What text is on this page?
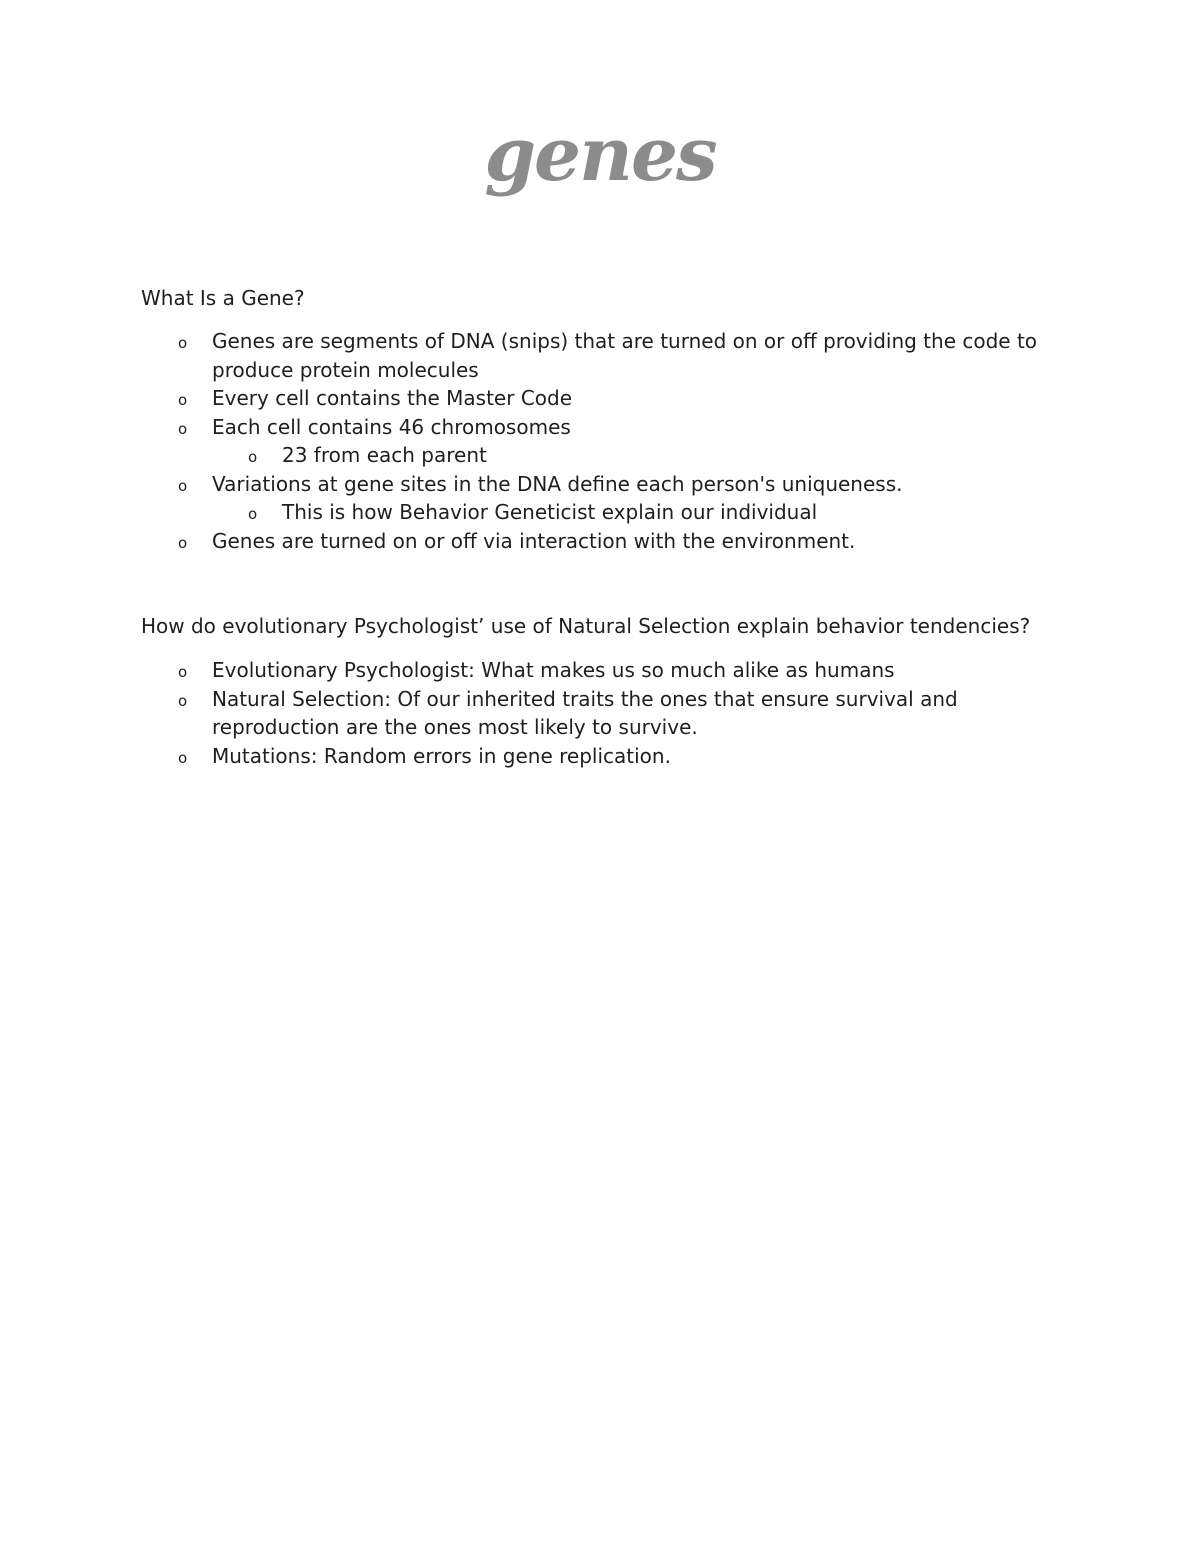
genes

What Is a Gene?

o Genes are segments of DNA (snips) that are turned on or off providing the code to produce protein molecules
o Every cell contains the Master Code
o Each cell contains 46 chromosomes
o 23 from each parent
o Variations at gene sites in the DNA define each person's uniqueness.
o This is how Behavior Geneticist explain our individual
o Genes are turned on or off via interaction with the environment.

How do evolutionary Psychologist’ use of Natural Selection explain behavior tendencies?

o Evolutionary Psychologist: What makes us so much alike as humans
o Natural Selection: Of our inherited traits the ones that ensure survival and reproduction are the ones most likely to survive.
o Mutations: Random errors in gene replication.
